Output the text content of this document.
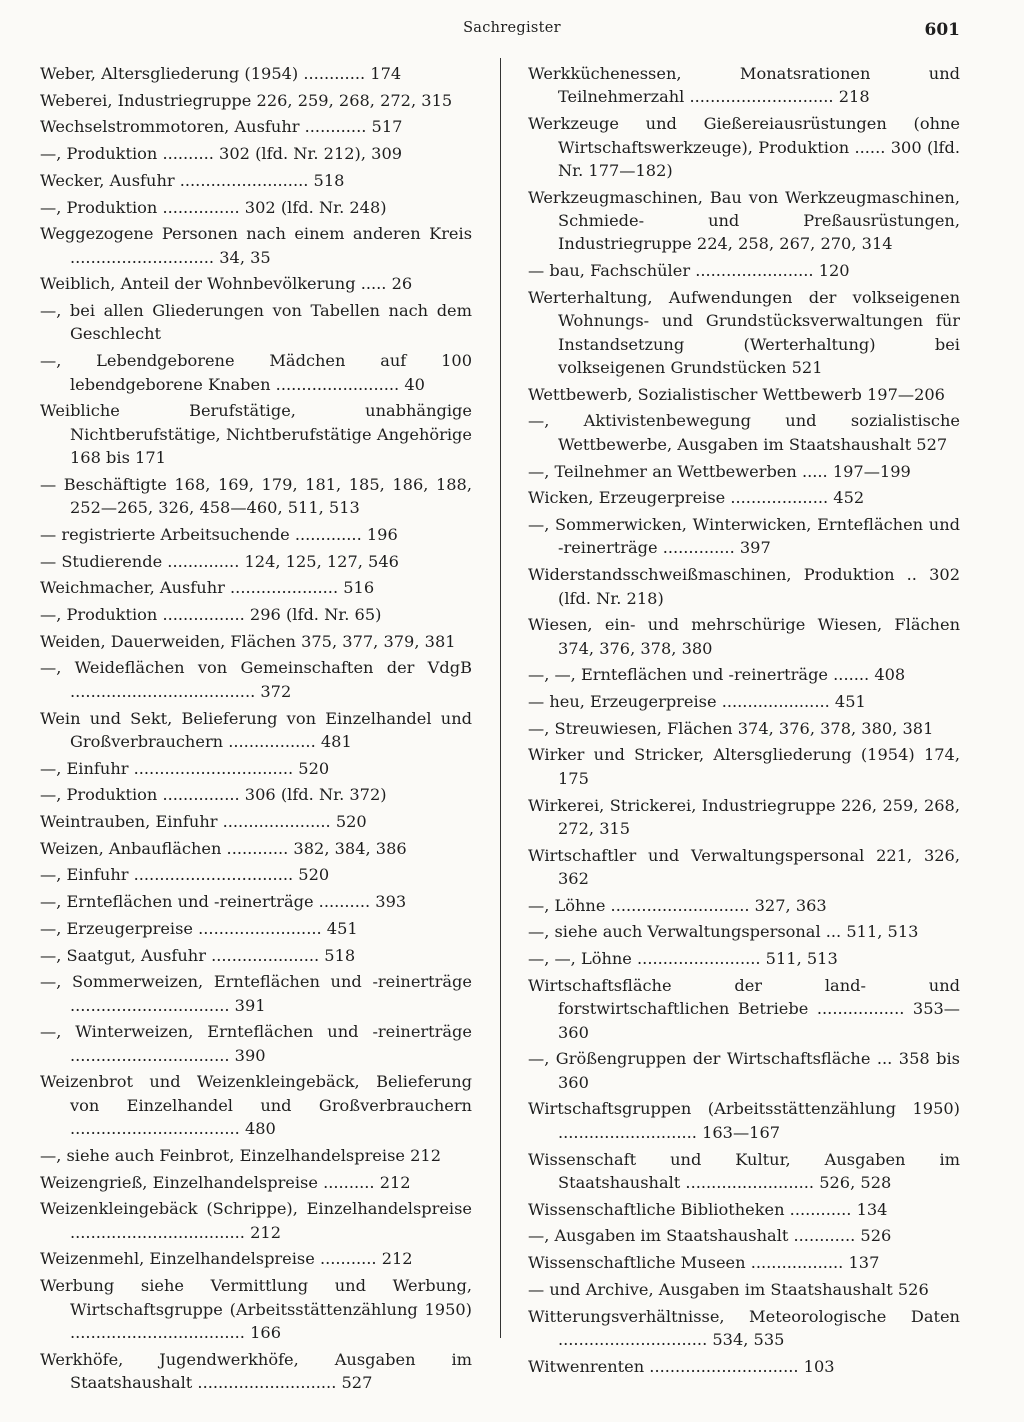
Sachregister	601
Weber, Altersgliederung (1954) ............ 174
Weberei, Industriegruppe 226, 259, 268, 272, 315
Wechselstrommotoren, Ausfuhr ............ 517
—, Produktion .......... 302 (lfd. Nr. 212), 309
Wecker, Ausfuhr ......................... 518
—, Produktion ............... 302 (lfd. Nr. 248)
Weggezogene Personen nach einem anderen Kreis ............................ 34, 35
Weiblich, Anteil der Wohnbevölkerung ..... 26
—, bei allen Gliederungen von Tabellen nach dem Geschlecht
—, Lebendgeborene Mädchen auf 100 lebendgeborene Knaben ........................ 40
Weibliche Berufstätige, unabhängige Nichtberufstätige, Nichtberufstätige Angehörige 168 bis 171
— Beschäftigte 168, 169, 179, 181, 185, 186, 188, 252—265, 326, 458—460, 511, 513
— registrierte Arbeitsuchende ............. 196
— Studierende .............. 124, 125, 127, 546
Weichmacher, Ausfuhr ..................... 516
—, Produktion ................ 296 (lfd. Nr. 65)
Weiden, Dauerweiden, Flächen 375, 377, 379, 381
—, Weideflächen von Gemeinschaften der VdgB .................................... 372
Wein und Sekt, Belieferung von Einzelhandel und Großverbrauchern ................. 481
—, Einfuhr ............................... 520
—, Produktion ............... 306 (lfd. Nr. 372)
Weintrauben, Einfuhr ..................... 520
Weizen, Anbauflächen ............ 382, 384, 386
—, Einfuhr ............................... 520
—, Ernteflächen und -reinerträge .......... 393
—, Erzeugerpreise ........................ 451
—, Saatgut, Ausfuhr ..................... 518
—, Sommerweizen, Ernteflächen und -reinerträge ............................... 391
—, Winterweizen, Ernteflächen und -reinerträge ............................... 390
Weizenbrot und Weizenkleingebäck, Belieferung von Einzelhandel und Großverbrauchern ................................. 480
—, siehe auch Feinbrot, Einzelhandelspreise 212
Weizengrieß, Einzelhandelspreise .......... 212
Weizenkleingebäck (Schrippe), Einzelhandelspreise .................................. 212
Weizenmehl, Einzelhandelspreise ........... 212
Werbung siehe Vermittlung und Werbung, Wirtschaftsgruppe (Arbeitsstättenzählung 1950) .................................. 166
Werkhöfe, Jugendwerkhöfe, Ausgaben im Staatshaushalt ........................... 527
Werkküchenessen, Monatsrationen und Teilnehmerzahl ............................ 218
Werkzeuge und Gießereiausrüstungen (ohne Wirtschaftswerkzeuge), Produktion ...... 300 (lfd. Nr. 177—182)
Werkzeugmaschinen, Bau von Werkzeugmaschinen, Schmiede- und Preßausrüstungen, Industriegruppe 224, 258, 267, 270, 314
— bau, Fachschüler ....................... 120
Werterhaltung, Aufwendungen der volkseigenen Wohnungs- und Grundstücksverwaltungen für Instandsetzung (Werterhaltung) bei volkseigenen Grundstücken 521
Wettbewerb, Sozialistischer Wettbewerb 197—206
—, Aktivistenbewegung und sozialistische Wettbewerbe, Ausgaben im Staatshaushalt 527
—, Teilnehmer an Wettbewerben ..... 197—199
Wicken, Erzeugerpreise ................... 452
—, Sommerwicken, Winterwicken, Ernteflächen und -reinerträge .............. 397
Widerstandsschweißmaschinen, Produktion .. 302 (lfd. Nr. 218)
Wiesen, ein- und mehrschürige Wiesen, Flächen 374, 376, 378, 380
—, —, Ernteflächen und -reinerträge ....... 408
— heu, Erzeugerpreise ..................... 451
—, Streuwiesen, Flächen 374, 376, 378, 380, 381
Wirker und Stricker, Altersgliederung (1954) 174, 175
Wirkerei, Strickerei, Industriegruppe 226, 259, 268, 272, 315
Wirtschaftler und Verwaltungspersonal 221, 326, 362
—, Löhne ........................... 327, 363
—, siehe auch Verwaltungspersonal ... 511, 513
—, —, Löhne ........................ 511, 513
Wirtschaftsfläche der land- und forstwirtschaftlichen Betriebe ................. 353—360
—, Größengruppen der Wirtschaftsfläche ... 358 bis 360
Wirtschaftsgruppen (Arbeitsstättenzählung 1950) ........................... 163—167
Wissenschaft und Kultur, Ausgaben im Staatshaushalt ......................... 526, 528
Wissenschaftliche Bibliotheken ............ 134
—, Ausgaben im Staatshaushalt ............ 526
Wissenschaftliche Museen .................. 137
— und Archive, Ausgaben im Staatshaushalt 526
Witterungsverhältnisse, Meteorologische Daten ............................. 534, 535
Witwenrenten ............................. 103
